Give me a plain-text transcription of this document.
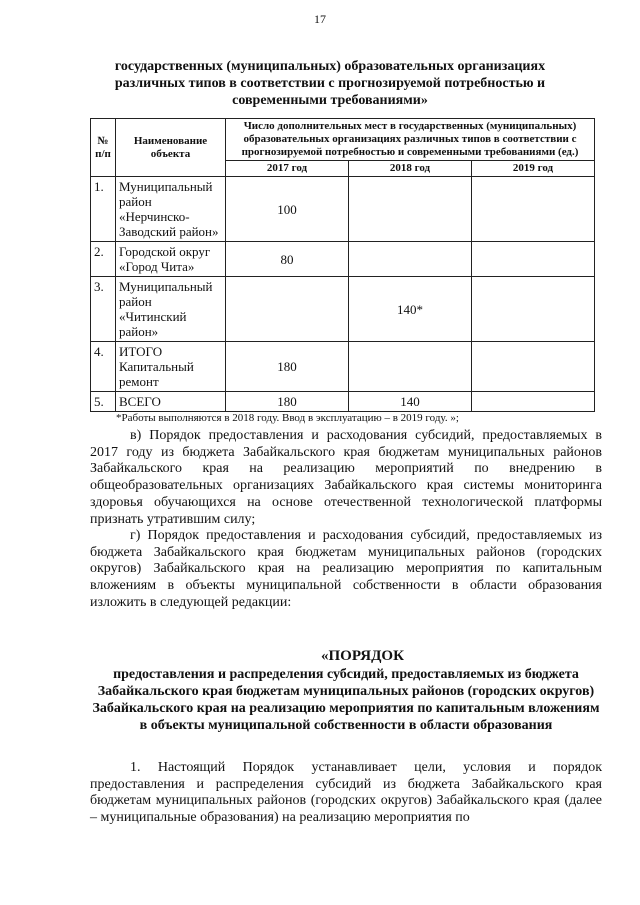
17
государственных (муниципальных) образовательных организациях различных типов в соответствии с прогнозируемой потребностью и современными требованиями»
№ п/п	Наименование объекта	Число дополнительных мест в государственных (муниципальных) образовательных организациях различных типов в соответствии с прогнозируемой потребностью и современными требованиями (ед.)		
		2017 год	2018 год	2019 год
1.	Муниципальный район «Нерчинско-Заводский район»	100		
2.	Городской округ «Город Чита»	80		
3.	Муниципальный район «Читинский район»		140*	
4.	ИТОГО Капитальный ремонт	180		
5.	ВСЕГО	180	140	
*Работы выполняются в 2018 году. Ввод в эксплуатацию – в 2019 году. »;
в) Порядок предоставления и расходования субсидий, предоставляемых в 2017 году из бюджета Забайкальского края бюджетам муниципальных районов Забайкальского края на реализацию мероприятий по внедрению в общеобразовательных организациях Забайкальского края системы мониторинга здоровья обучающихся на основе отечественной технологической платформы признать утратившим силу;
г) Порядок предоставления и расходования субсидий, предоставляемых из бюджета Забайкальского края бюджетам муниципальных районов (городских округов) Забайкальского края на реализацию мероприятия по капитальным вложениям в объекты муниципальной собственности в области образования изложить в следующей редакции:
«ПОРЯДОК
предоставления и распределения субсидий, предоставляемых из бюджета Забайкальского края бюджетам муниципальных районов (городских округов) Забайкальского края на реализацию мероприятия по капитальным вложениям в объекты муниципальной собственности в области образования
1. Настоящий Порядок устанавливает цели, условия и порядок предоставления и распределения субсидий из бюджета Забайкальского края бюджетам муниципальных районов (городских округов) Забайкальского края (далее – муниципальные образования) на реализацию мероприятия по
